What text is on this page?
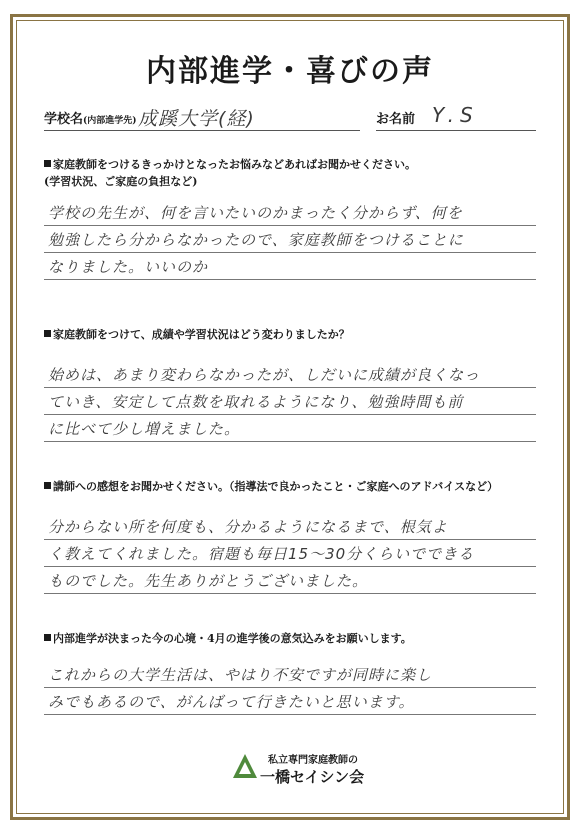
内部進学・喜びの声
学校名(内部進学先) 成蹊大学(経)	お名前 Y.S
家庭教師をつけるきっかけとなったお悩みなどあればお聞かせください。
(学習状況、ご家庭の負担など)
学校の先生が、何を言いたいのかまったく分からず、何を
勉強したら分からなかったので、家庭教師をつけることに
なりました。いいのか
家庭教師をつけて、成績や学習状況はどう変わりましたか？
始めは、あまり変わらなかったが、しだいに成績が良くなっ
ていき、安定して点数を取れるようになり、勉強時間も前
に比べて少し増えました。
講師への感想をお聞かせください。（指導法で良かったこと・ご家庭へのアドバイスなど）
分からない所を何度も、分かるようになるまで、根気よ
く教えてくれました。宿題も毎日15〜30分くらいでできる
ものでした。先生ありがとうございました。
内部進学が決まった今の心境・4月の進学後の意気込みをお願いします。
これからの大学生活は、やはり不安ですが同時に楽し
みでもあるので、がんばって行きたいと思います。
私立専門家庭教師の
一橋セイシン会
